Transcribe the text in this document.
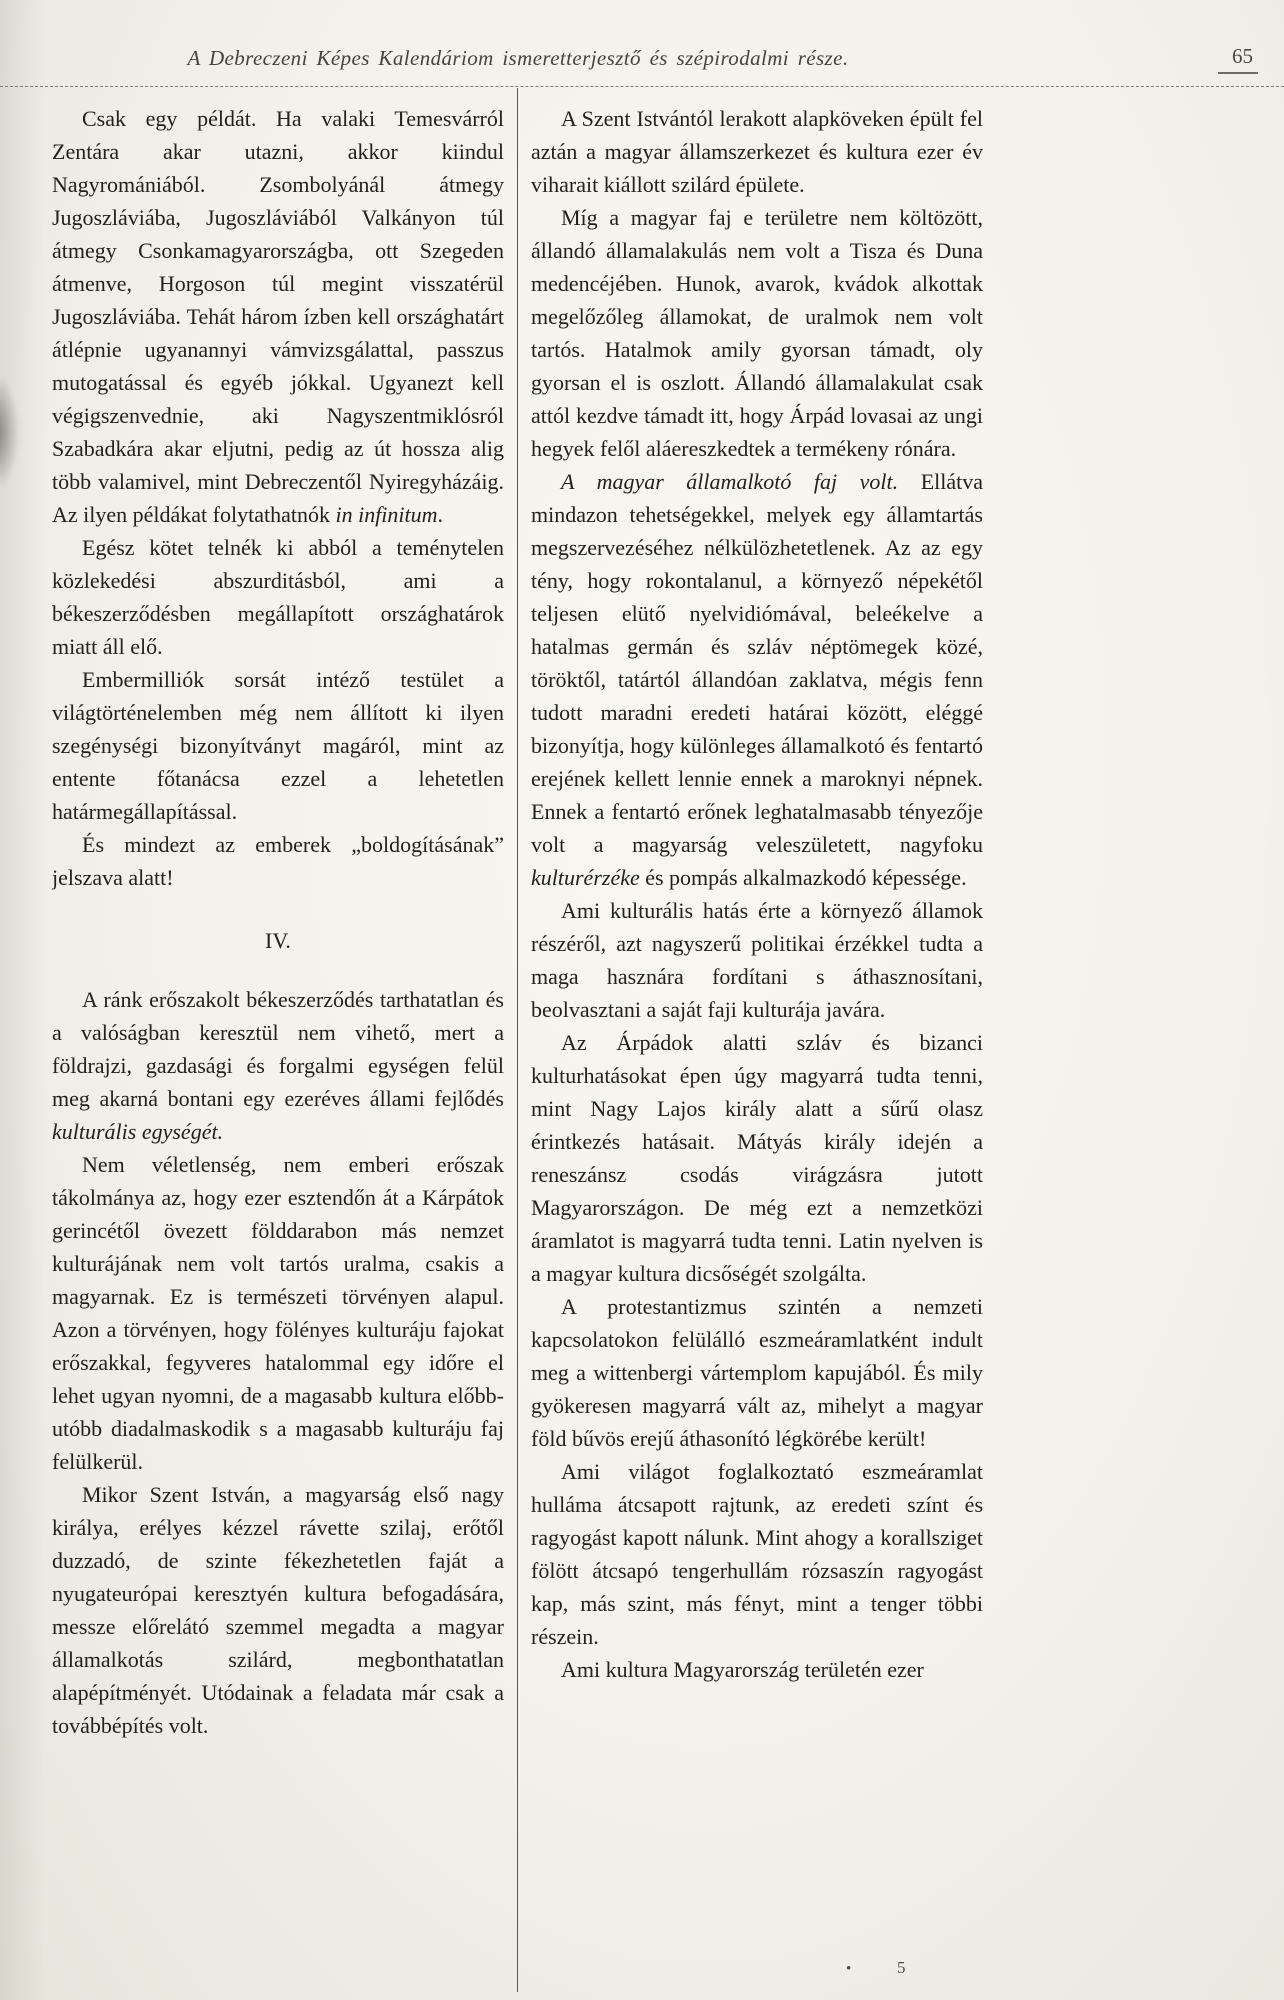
A Debreczeni Képes Kalendáriom ismeretterjesztő és szépirodalmi része.	65

Csak egy példát. Ha valaki Temesvárról Zentára akar utazni, akkor kiindul Nagyromániából. Zsombolyánál átmegy Jugoszláviába, Jugoszláviából Valkányon túl átmegy Csonkamagyarországba, ott Szegeden átmenve, Horgoson túl megint visszatérül Jugoszláviába. Tehát három ízben kell országhatárt átlépnie ugyanannyi vámvizsgálattal, passzus mutogatással és egyéb jókkal. Ugyanezt kell végigszenvednie, aki Nagyszentmiklósról Szabadkára akar eljutni, pedig az út hossza alig több valamivel, mint Debreczentől Nyiregyházáig. Az ilyen példákat folytathatnók in infinitum.

Egész kötet telnék ki abból a teménytelen közlekedési abszurditásból, ami a békeszerződésben megállapított országhatárok miatt áll elő.

Embermilliók sorsát intéző testület a világtörténelemben még nem állított ki ilyen szegénységi bizonyítványt magáról, mint az entente főtanácsa ezzel a lehetetlen határmegállapítással.

És mindezt az emberek „boldogításának” jelszava alatt!

IV.

A ránk erőszakolt békeszerződés tarthatatlan és a valóságban keresztül nem vihető, mert a földrajzi, gazdasági és forgalmi egységen felül meg akarná bontani egy ezeréves állami fejlődés kulturális egységét.

Nem véletlenség, nem emberi erőszak tákolmánya az, hogy ezer esztendőn át a Kárpátok gerincétől övezett földdarabon más nemzet kulturájának nem volt tartós uralma, csakis a magyarnak. Ez is természeti törvényen alapul. Azon a törvényen, hogy fölényes kulturáju fajokat erőszakkal, fegyveres hatalommal egy időre el lehet ugyan nyomni, de a magasabb kultura előbb-utóbb diadalmaskodik s a magasabb kulturáju faj felülkerül.

Mikor Szent István, a magyarság első nagy királya, erélyes kézzel rávette szilaj, erőtől duzzadó, de szinte fékezhetetlen faját a nyugateurópai keresztyén kultura befogadására, messze előrelátó szemmel megadta a magyar államalkotás szilárd, megbonthatatlan alapépítményét. Utódainak a feladata már csak a továbbépítés volt.

A Szent Istvántól lerakott alapköveken épült fel aztán a magyar államszerkezet és kultura ezer év viharait kiállott szilárd épülete.

Míg a magyar faj e területre nem költözött, állandó államalakulás nem volt a Tisza és Duna medencéjében. Hunok, avarok, kvádok alkottak megelőzőleg államokat, de uralmok nem volt tartós. Hatalmok amily gyorsan támadt, oly gyorsan el is oszlott. Állandó államalakulat csak attól kezdve támadt itt, hogy Árpád lovasai az ungi hegyek felől aláereszkedtek a termékeny rónára.

A magyar államalkotó faj volt. Ellátva mindazon tehetségekkel, melyek egy államtartás megszervezéséhez nélkülözhetetlenek. Az az egy tény, hogy rokontalanul, a környező népekétől teljesen elütő nyelvidiómával, beleékelve a hatalmas germán és szláv néptömegek közé, töröktől, tatártól állandóan zaklatva, mégis fenn tudott maradni eredeti határai között, eléggé bizonyítja, hogy különleges államalkotó és fentartó erejének kellett lennie ennek a maroknyi népnek. Ennek a fentartó erőnek leghatalmasabb tényezője volt a magyarság veleszületett, nagyfoku kulturérzéke és pompás alkalmazkodó képessége.

Ami kulturális hatás érte a környező államok részéről, azt nagyszerű politikai érzékkel tudta a maga hasznára fordítani s áthasznosítani, beolvasztani a saját faji kulturája javára.

Az Árpádok alatti szláv és bizanci kulturhatásokat épen úgy magyarrá tudta tenni, mint Nagy Lajos király alatt a sűrű olasz érintkezés hatásait. Mátyás király idején a reneszánsz csodás virágzásra jutott Magyarországon. De még ezt a nemzetközi áramlatot is magyarrá tudta tenni. Latin nyelven is a magyar kultura dicsőségét szolgálta.

A protestantizmus szintén a nemzeti kapcsolatokon felülálló eszmeáramlatként indult meg a wittenbergi vártemplom kapujából. És mily gyökeresen magyarrá vált az, mihelyt a magyar föld bűvös erejű áthasonító légkörébe került!

Ami világot foglalkoztató eszmeáramlat hulláma átcsapott rajtunk, az eredeti színt és ragyogást kapott nálunk. Mint ahogy a korallsziget fölött átcsapó tengerhullám rózsaszín ragyogást kap, más szint, más fényt, mint a tenger többi részein.

Ami kultura Magyarország területén ezer

•	5
